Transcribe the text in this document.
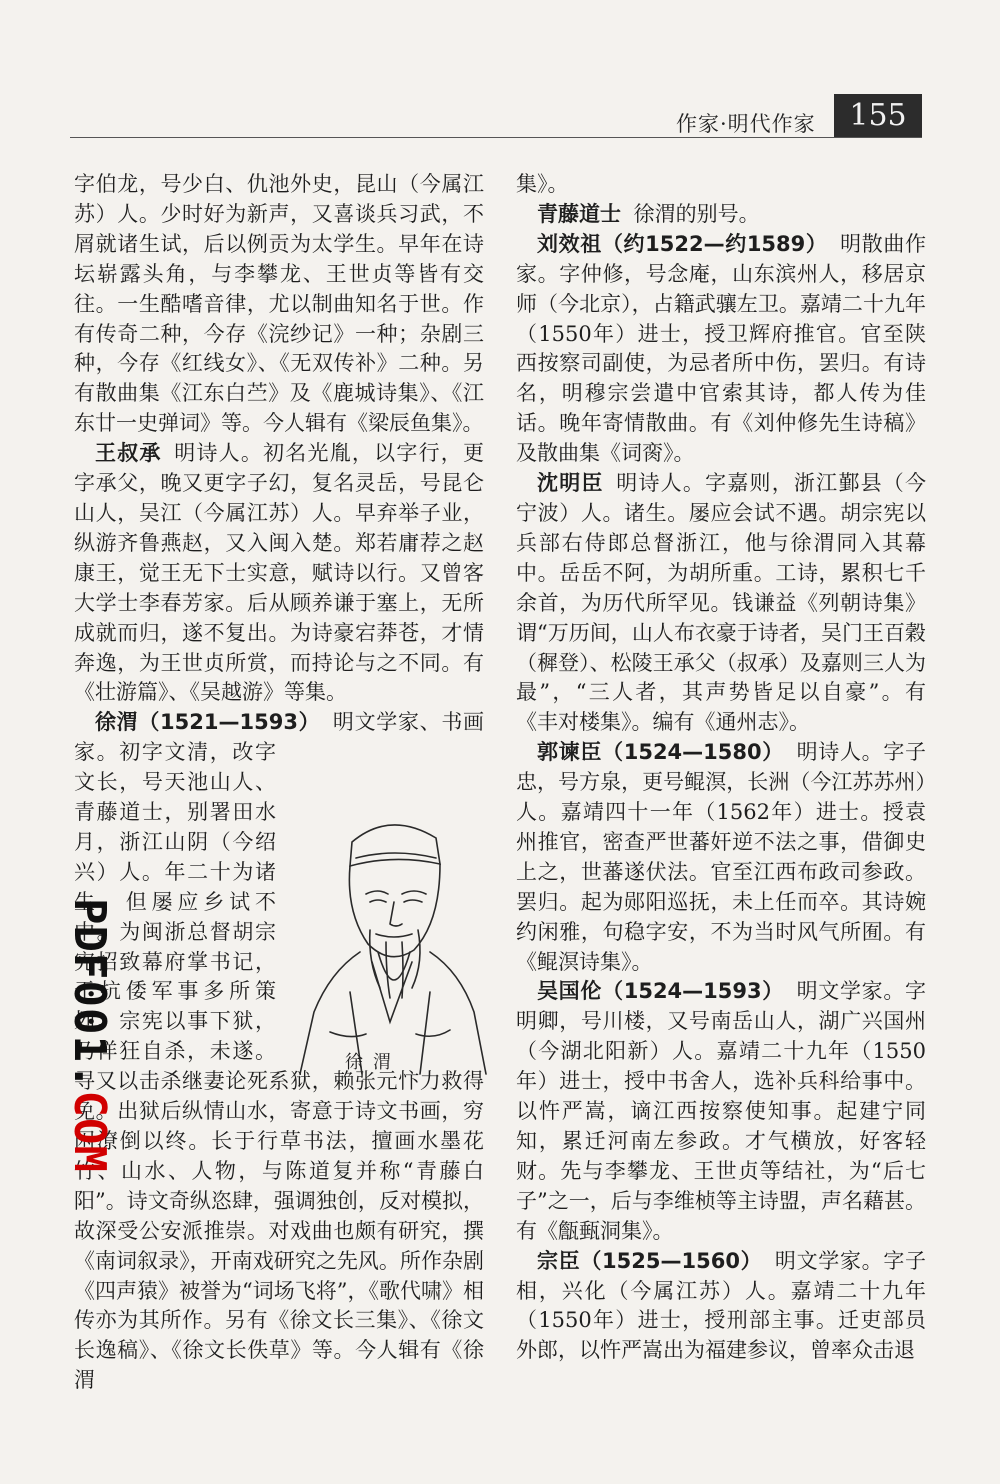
155
作家·明代作家

字伯龙，号少白、仇池外史，昆山（今属江苏）人。少时好为新声，又喜谈兵习武，不屑就诸生试，后以例贡为太学生。早年在诗坛崭露头角，与李攀龙、王世贞等皆有交往。一生酷嗜音律，尤以制曲知名于世。作有传奇二种，今存《浣纱记》一种；杂剧三种，今存《红线女》、《无双传补》二种。另有散曲集《江东白苎》及《鹿城诗集》、《江东廿一史弹词》等。今人辑有《梁辰鱼集》。

王叔承 明诗人。初名光胤，以字行，更字承父，晚又更字子幻，复名灵岳，号昆仑山人，吴江（今属江苏）人。早弃举子业，纵游齐鲁燕赵，又入闽入楚。郑若庸荐之赵康王，觉王无下士实意，赋诗以行。又曾客大学士李春芳家。后从顾养谦于塞上，无所成就而归，遂不复出。为诗豪宕莽苍，才情奔逸，为王世贞所赏，而持论与之不同。有《壮游篇》、《吴越游》等集。

徐渭（1521—1593） 明文学家、书画家。初字文清，改字文长，号天池山人、青藤道士，别署田水月，浙江山阴（今绍兴）人。年二十为诸生，但屡应乡试不中。为闽浙总督胡宗宪招致幕府掌书记，于抗倭军事多所策划。宗宪以事下狱，乃佯狂自杀，未遂。寻又以击杀继妻论死系狱，赖张元忭力救得免。出狱后纵情山水，寄意于诗文书画，穷困潦倒以终。长于行草书法，擅画水墨花竹、山水、人物，与陈道复并称“青藤白阳”。诗文奇纵恣肆，强调独创，反对模拟，故深受公安派推崇。对戏曲也颇有研究，撰《南词叙录》，开南戏研究之先风。所作杂剧《四声猿》被誉为“词场飞将”，《歌代啸》相传亦为其所作。另有《徐文长三集》、《徐文长逸稿》、《徐文长佚草》等。今人辑有《徐渭

集》。

青藤道士 徐渭的别号。

刘效祖（约1522—约1589） 明散曲作家。字仲修，号念庵，山东滨州人，移居京师（今北京），占籍武骧左卫。嘉靖二十九年（1550年）进士，授卫辉府推官。官至陕西按察司副使，为忌者所中伤，罢归。有诗名，明穆宗尝遣中官索其诗，都人传为佳话。晚年寄情散曲。有《刘仲修先生诗稿》及散曲集《词脔》。

沈明臣 明诗人。字嘉则，浙江鄞县（今宁波）人。诸生。屡应会试不遇。胡宗宪以兵部右侍郎总督浙江，他与徐渭同入其幕中。岳岳不阿，为胡所重。工诗，累积七千余首，为历代所罕见。钱谦益《列朝诗集》谓“万历间，山人布衣豪于诗者，吴门王百穀（穉登）、松陵王承父（叔承）及嘉则三人为最”，“三人者，其声势皆足以自豪”。有《丰对楼集》。编有《通州志》。

郭谏臣（1524—1580） 明诗人。字子忠，号方泉，更号鲲溟，长洲（今江苏苏州）人。嘉靖四十一年（1562年）进士。授袁州推官，密查严世蕃奸逆不法之事，借御史上之，世蕃遂伏法。官至江西布政司参政。罢归。起为郧阳巡抚，未上任而卒。其诗婉约闲雅，句稳字安，不为当时风气所囿。有《鲲溟诗集》。

吴国伦（1524—1593） 明文学家。字明卿，号川楼，又号南岳山人，湖广兴国州（今湖北阳新）人。嘉靖二十九年（1550年）进士，授中书舍人，选补兵科给事中。以忤严嵩，谪江西按察使知事。起建宁同知，累迁河南左参政。才气横放，好客轻财。先与李攀龙、王世贞等结社，为“后七子”之一，后与李维桢等主诗盟，声名藉甚。有《甔甀洞集》。

宗臣（1525—1560） 明文学家。字子相，兴化（今属江苏）人。嘉靖二十九年（1550年）进士，授刑部主事。迁吏部员外郎，以忤严嵩出为福建参议，曾率众击退

徐渭
PDF001.COM
